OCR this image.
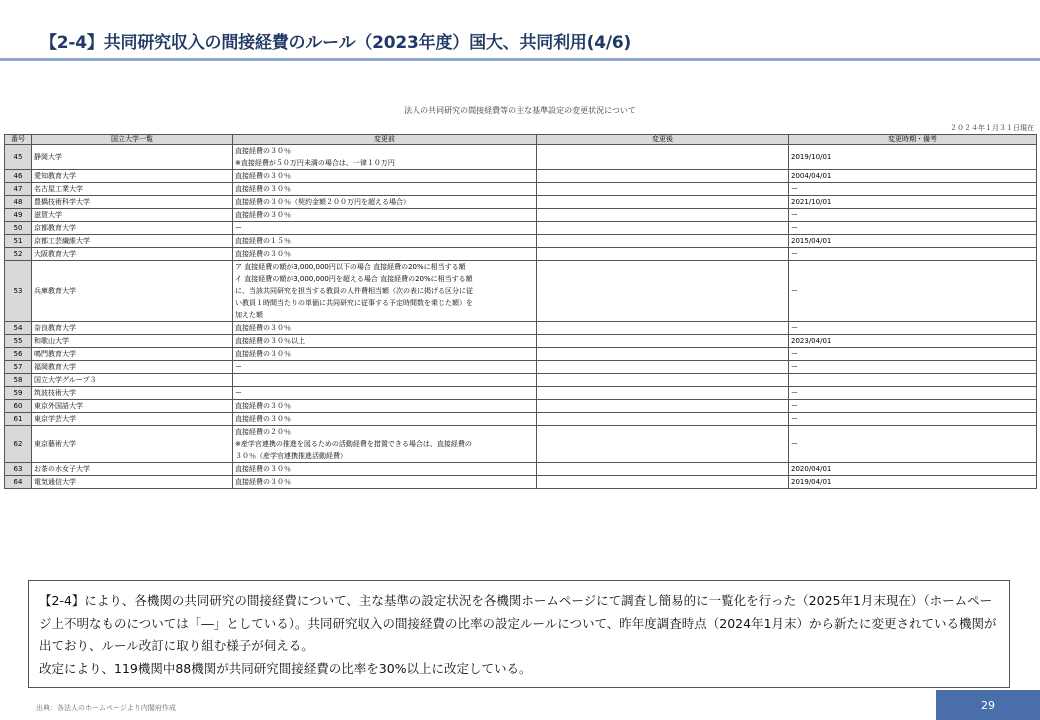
【2-4】共同研究収入の間接経費のルール（2023年度）国大、共同利用(4/6)
法人の共同研究の間接経費等の主な基準設定の変更状況について
２０２４年１月３１日現在
番号	国立大学一覧	変更前	変更後	変更時期・備考
45	静岡大学	直接経費の３０％
※直接経費が５０万円未満の場合は、一律１０万円		2019/10/01
46	愛知教育大学	直接経費の３０％		2004/04/01
47	名古屋工業大学	直接経費の３０％		ー
48	豊橋技術科学大学	直接経費の３０％（契約金額２００万円を超える場合）		2021/10/01
49	滋賀大学	直接経費の３０％		ー
50	京都教育大学	ー		ー
51	京都工芸繊維大学	直接経費の１５％		2015/04/01
52	大阪教育大学	直接経費の３０％		ー
53	兵庫教育大学	ア 直接経費の額が3,000,000円以下の場合 直接経費の20%に相当する額
イ 直接経費の額が3,000,000円を超える場合 直接経費の20%に相当する額
に、当該共同研究を担当する教員の人件費相当額（次の表に掲げる区分に従
い教員１時間当たりの単価に共同研究に従事する予定時間数を乗じた額）を
加えた額		ー
54	奈良教育大学	直接経費の３０％		ー
55	和歌山大学	直接経費の３０％以上		2023/04/01
56	鳴門教育大学	直接経費の３０％		ー
57	福岡教育大学	ー		ー
58	国立大学グループ３			
59	筑波技術大学	ー		ー
60	東京外国語大学	直接経費の３０％		ー
61	東京学芸大学	直接経費の３０％		ー
62	東京藝術大学	直接経費の２０％
※産学官連携の推進を図るための活動経費を措置できる場合は、直接経費の
３０％（産学官連携推進活動経費）		ー
63	お茶の水女子大学	直接経費の３０％		2020/04/01
64	電気通信大学	直接経費の３０％		2019/04/01
【2-4】により、各機関の共同研究の間接経費について、主な基準の設定状況を各機関ホームページにて調査し簡易的に一覧化を行った（2025年1月末現在）（ホームページ上不明なものについては「―」としている）。共同研究収入の間接経費の比率の設定ルールについて、昨年度調査時点（2024年1月末）から新たに変更されている機関が出ており、ルール改訂に取り組む様子が伺える。
改定により、119機関中88機関が共同研究間接経費の比率を30%以上に改定している。
出典：各法人のホームページより内閣府作成	29
